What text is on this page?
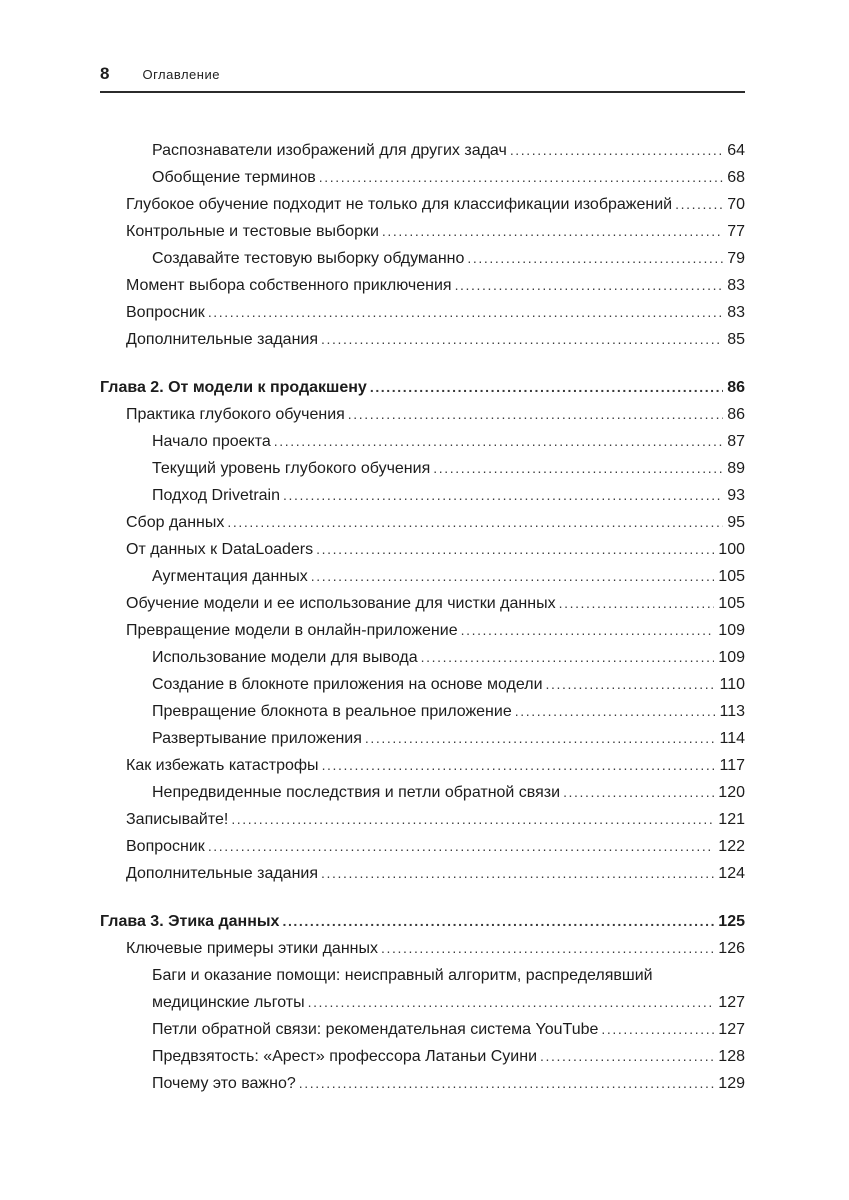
8	Оглавление
Распознаватели изображений для других задач .....	64
Обобщение терминов .....	68
Глубокое обучение подходит не только для классификации изображений .....	70
Контрольные и тестовые выборки .....	77
Создавайте тестовую выборку обдуманно .....	79
Момент выбора собственного приключения .....	83
Вопросник .....	83
Дополнительные задания .....	85
Глава 2. От модели к продакшену .....	86
Практика глубокого обучения .....	86
Начало проекта .....	87
Текущий уровень глубокого обучения .....	89
Подход Drivetrain .....	93
Сбор данных .....	95
От данных к DataLoaders .....	100
Аугментация данных .....	105
Обучение модели и ее использование для чистки данных .....	105
Превращение модели в онлайн-приложение .....	109
Использование модели для вывода .....	109
Создание в блокноте приложения на основе модели .....	110
Превращение блокнота в реальное приложение .....	113
Развертывание приложения .....	114
Как избежать катастрофы .....	117
Непредвиденные последствия и петли обратной связи .....	120
Записывайте! .....	121
Вопросник .....	122
Дополнительные задания .....	124
Глава 3. Этика данных .....	125
Ключевые примеры этики данных .....	126
Баги и оказание помощи: неисправный алгоритм, распределявший
медицинские льготы .....	127
Петли обратной связи: рекомендательная система YouTube .....	127
Предвзятость: «Арест» профессора Латаньи Суини .....	128
Почему это важно? .....	129
